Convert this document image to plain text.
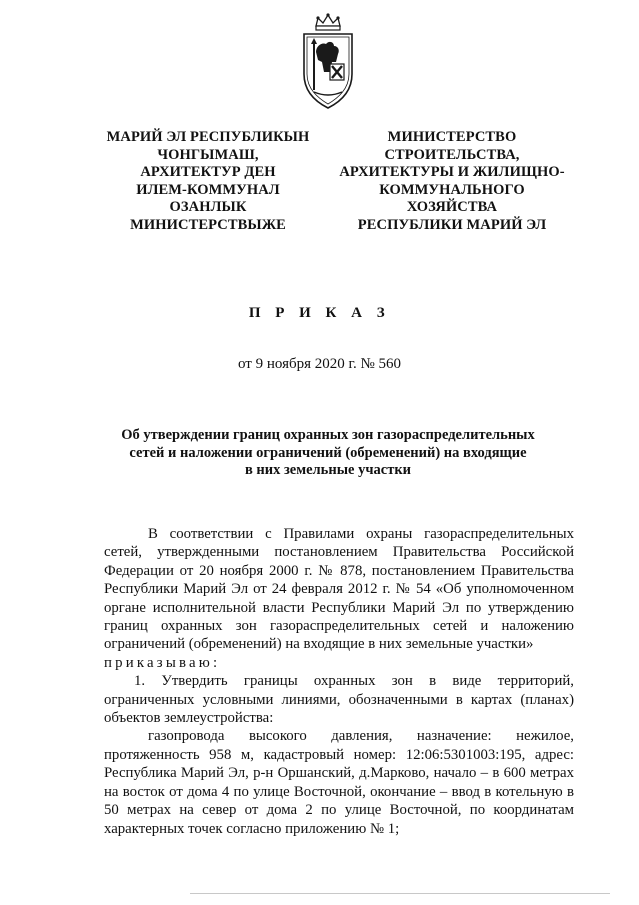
МАРИЙ ЭЛ РЕСПУБЛИКЫН
ЧОНГЫМАШ,
АРХИТЕКТУР ДЕН
ИЛЕМ-КОММУНАЛ
ОЗАНЛЫК
МИНИСТЕРСТВЫЖЕ
МИНИСТЕРСТВО
СТРОИТЕЛЬСТВА,
АРХИТЕКТУРЫ И ЖИЛИЩНО-
КОММУНАЛЬНОГО
ХОЗЯЙСТВА
РЕСПУБЛИКИ МАРИЙ ЭЛ
П Р И К А З
от 9 ноября 2020 г. № 560
Об утверждении границ охранных зон газораспределительных
сетей и наложении ограничений (обременений) на входящие
в них земельные участки

В соответствии с Правилами охраны газораспределительных сетей, утвержденными постановлением Правительства Российской Федерации от 20 ноября 2000 г. № 878, постановлением Правительства Республики Марий Эл от 24 февраля 2012 г. № 54 «Об уполномоченном органе исполнительной власти Республики Марий Эл по утверждению границ охранных зон газораспределительных сетей и наложению ограничений (обременений) на входящие в них земельные участки»

приказываю:

1. Утвердить границы охранных зон в виде территорий, ограниченных условными линиями, обозначенными в картах (планах) объектов землеустройства:

газопровода высокого давления, назначение: нежилое, протяженность 958 м, кадастровый номер: 12:06:5301003:195, адрес: Республика Марий Эл, р-н Оршанский, д.Марково, начало – в 600 метрах на восток от дома 4 по улице Восточной, окончание – ввод в котельную в 50 метрах на север от дома 2 по улице Восточной, по координатам характерных точек согласно приложению № 1;
